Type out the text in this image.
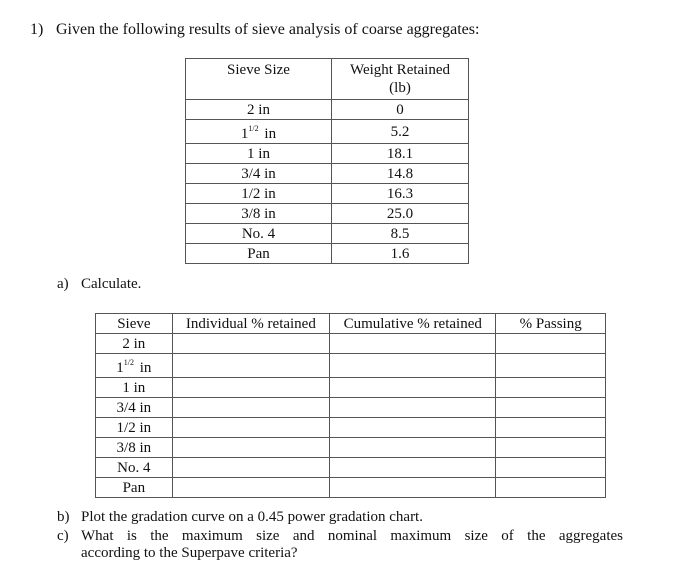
1) Given the following results of sieve analysis of coarse aggregates:
Sieve Size	Weight Retained
(lb)
2 in	0
$1^{1/2}$ in	5.2
1 in	18.1
3/4 in	14.8
1/2 in	16.3
3/8 in	25.0
No. 4	8.5
Pan	1.6
a) Calculate.
Sieve	Individual % retained	Cumulative % retained	% Passing
2 in			
$1^{1/2}$ in			
1 in			
3/4 in			
1/2 in			
3/8 in			
No. 4			
Pan			
b) Plot the gradation curve on a 0.45 power gradation chart.
c) What is the maximum size and nominal maximum size of the aggregates
according to the Superpave criteria?
